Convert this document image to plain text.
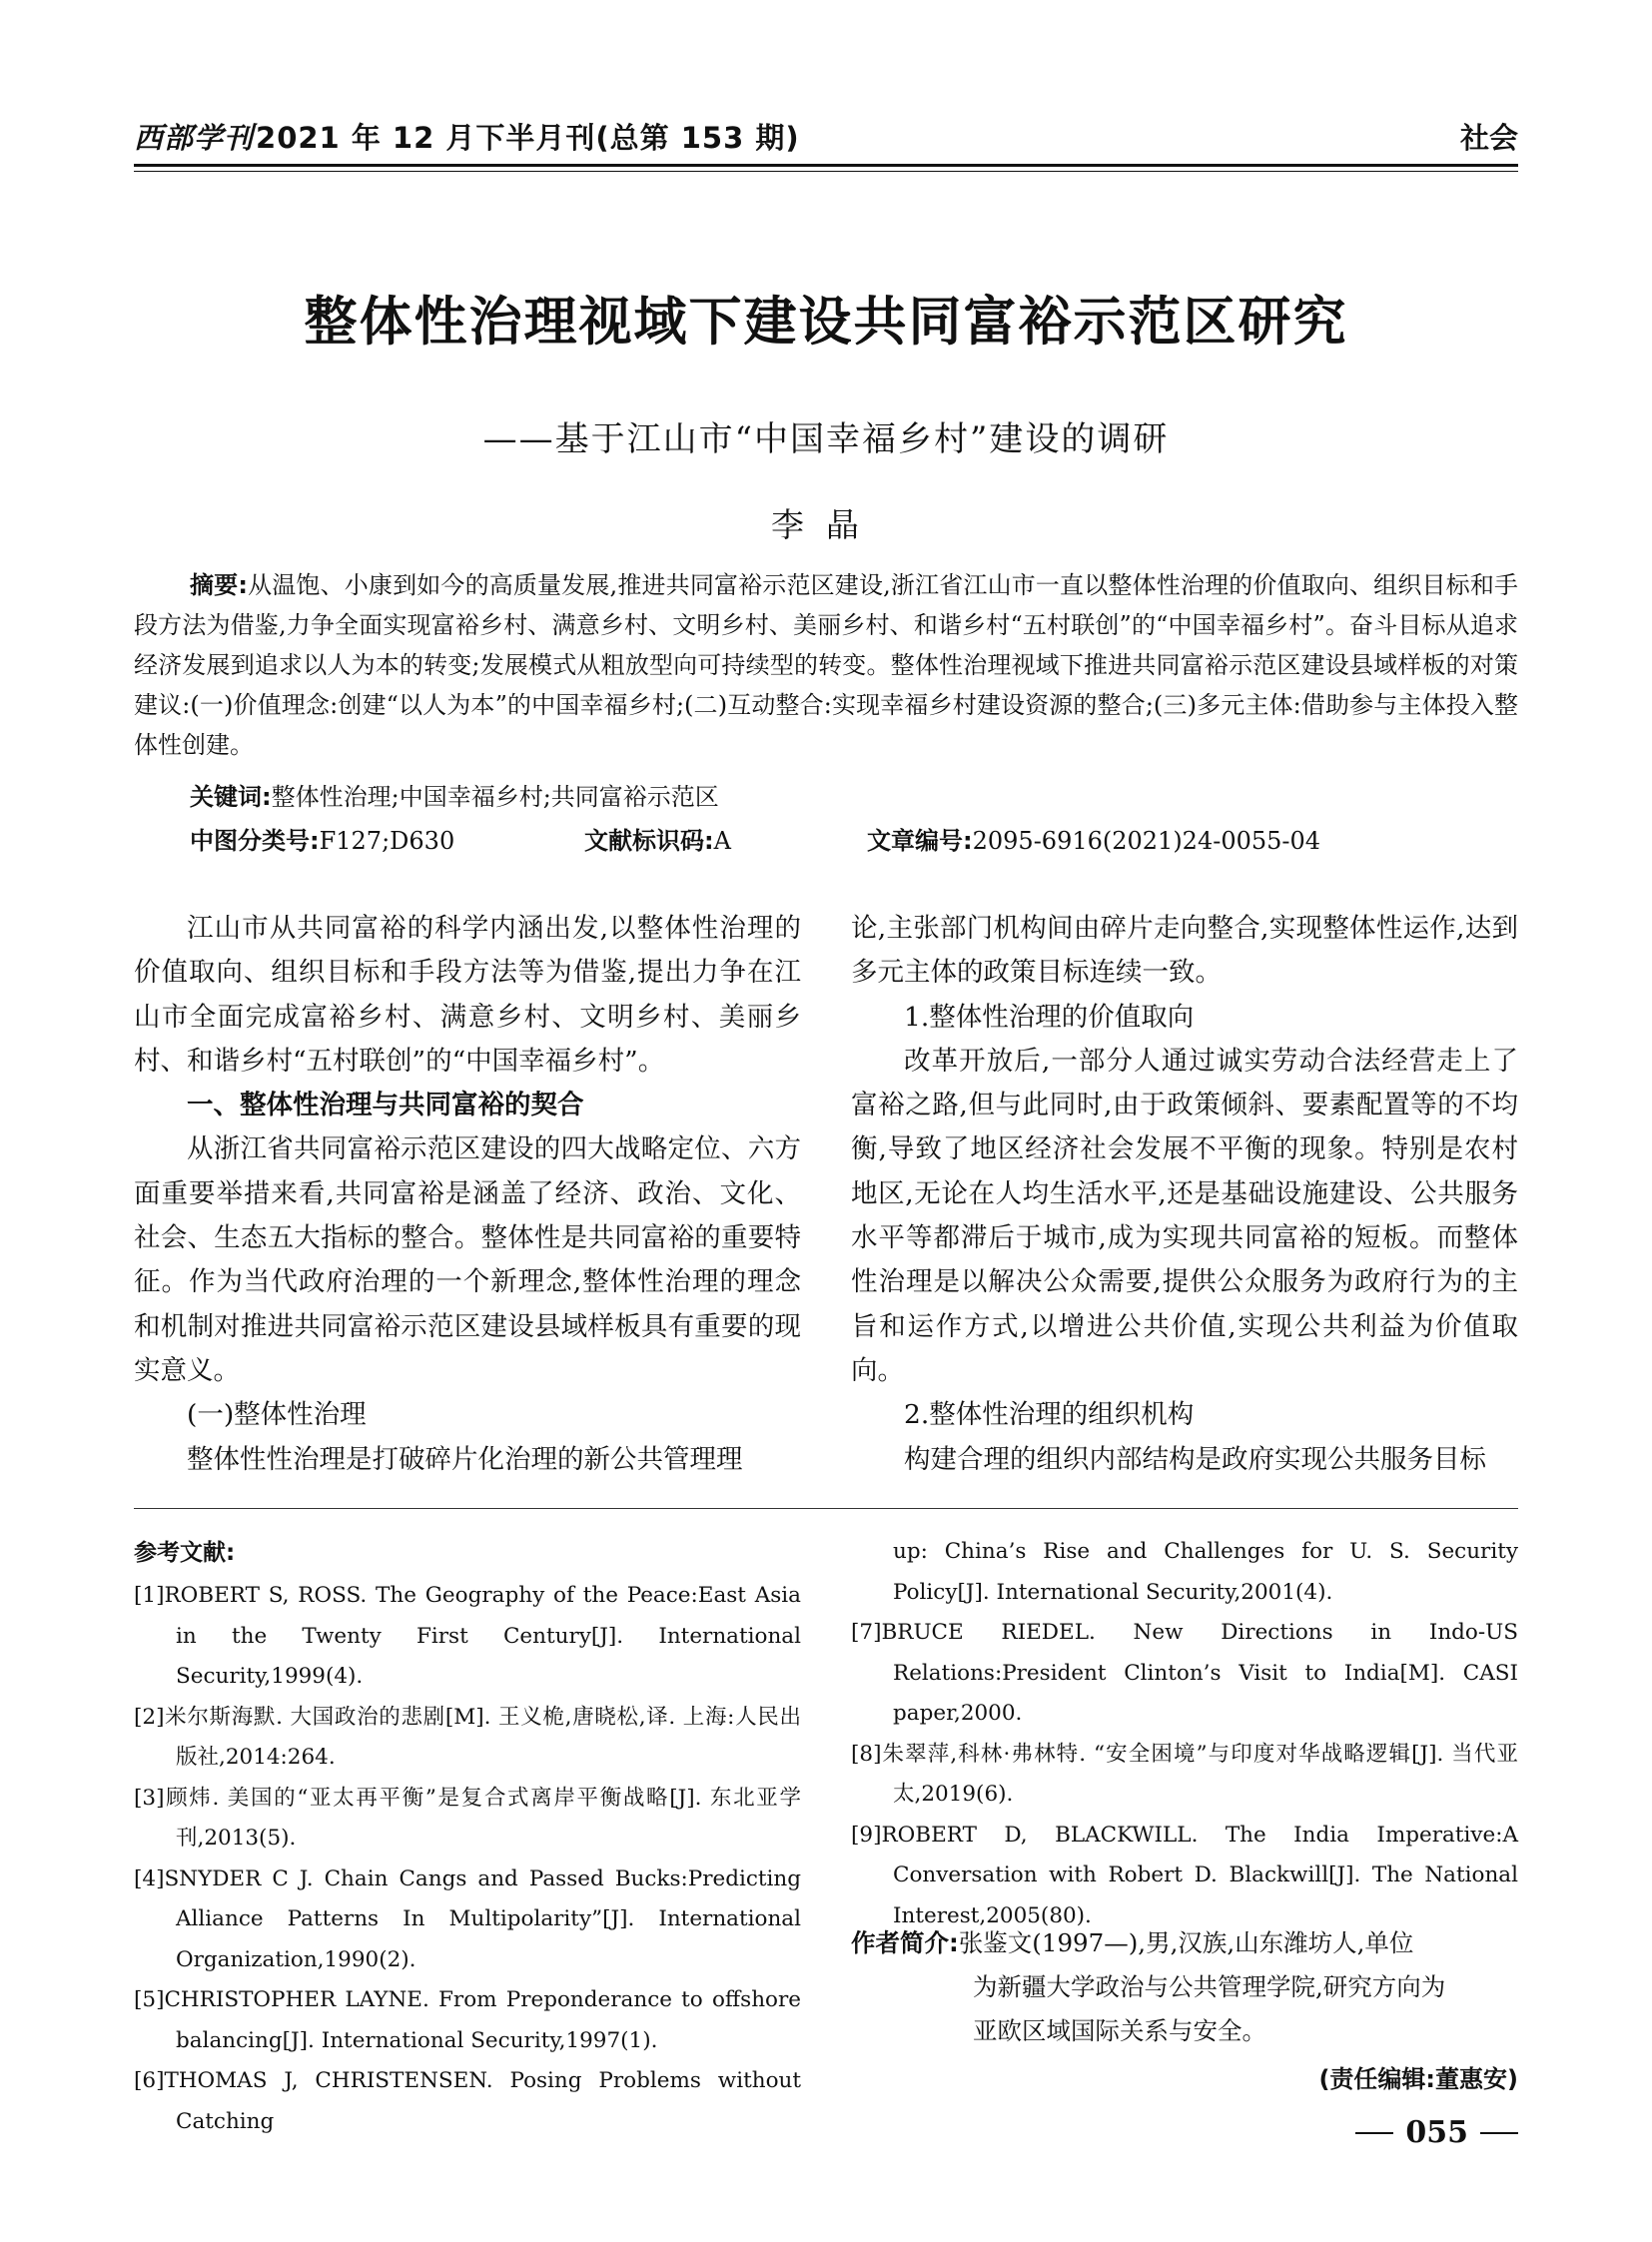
西部学刊2021 年 12 月下半月刊(总第 153 期)	社会
整体性治理视域下建设共同富裕示范区研究
——基于江山市“中国幸福乡村”建设的调研
李晶
摘要:从温饱、小康到如今的高质量发展,推进共同富裕示范区建设,浙江省江山市一直以整体性治理的价值取向、组织目标和手段方法为借鉴,力争全面实现富裕乡村、满意乡村、文明乡村、美丽乡村、和谐乡村“五村联创”的“中国幸福乡村”。奋斗目标从追求经济发展到追求以人为本的转变;发展模式从粗放型向可持续型的转变。整体性治理视域下推进共同富裕示范区建设县域样板的对策建议:(一)价值理念:创建“以人为本”的中国幸福乡村;(二)互动整合:实现幸福乡村建设资源的整合;(三)多元主体:借助参与主体投入整体性创建。
关键词:整体性治理;中国幸福乡村;共同富裕示范区
中图分类号:F127;D630	文献标识码:A	文章编号:2095-6916(2021)24-0055-04

江山市从共同富裕的科学内涵出发,以整体性治理的价值取向、组织目标和手段方法等为借鉴,提出力争在江山市全面完成富裕乡村、满意乡村、文明乡村、美丽乡村、和谐乡村“五村联创”的“中国幸福乡村”。

一、整体性治理与共同富裕的契合

从浙江省共同富裕示范区建设的四大战略定位、六方面重要举措来看,共同富裕是涵盖了经济、政治、文化、社会、生态五大指标的整合。整体性是共同富裕的重要特征。作为当代政府治理的一个新理念,整体性治理的理念和机制对推进共同富裕示范区建设县域样板具有重要的现实意义。

(一)整体性治理

整体性性治理是打破碎片化治理的新公共管理理

论,主张部门机构间由碎片走向整合,实现整体性运作,达到多元主体的政策目标连续一致。

1.整体性治理的价值取向

改革开放后,一部分人通过诚实劳动合法经营走上了富裕之路,但与此同时,由于政策倾斜、要素配置等的不均衡,导致了地区经济社会发展不平衡的现象。特别是农村地区,无论在人均生活水平,还是基础设施建设、公共服务水平等都滞后于城市,成为实现共同富裕的短板。而整体性治理是以解决公众需要,提供公众服务为政府行为的主旨和运作方式,以增进公共价值,实现公共利益为价值取向。

2.整体性治理的组织机构

构建合理的组织内部结构是政府实现公共服务目标

参考文献:

[1]ROBERT S, ROSS. The Geography of the Peace:East Asia in the Twenty First Century[J]. International Security,1999(4).

[2]米尔斯海默. 大国政治的悲剧[M]. 王义桅,唐晓松,译. 上海:人民出版社,2014:264.

[3]顾炜. 美国的“亚太再平衡”是复合式离岸平衡战略[J]. 东北亚学刊,2013(5).

[4]SNYDER C J. Chain Cangs and Passed Bucks:Predicting Alliance Patterns In Multipolarity”[J]. International Organization,1990(2).

[5]CHRISTOPHER LAYNE. From Preponderance to offshore balancing[J]. International Security,1997(1).

[6]THOMAS J, CHRISTENSEN. Posing Problems without Catching

up: China’s Rise and Challenges for U. S. Security Policy[J]. International Security,2001(4).

[7]BRUCE RIEDEL. New Directions in Indo-US Relations:President Clinton’s Visit to India[M]. CASI paper,2000.

[8]朱翠萍,科林·弗林特. “安全困境”与印度对华战略逻辑[J]. 当代亚太,2019(6).

[9]ROBERT D, BLACKWILL. The India Imperative:A Conversation with Robert D. Blackwill[J]. The National Interest,2005(80).

作者简介:张鉴文(1997—),男,汉族,山东潍坊人,单位
为新疆大学政治与公共管理学院,研究方向为
亚欧区域国际关系与安全。
(责任编辑:董惠安)
055
